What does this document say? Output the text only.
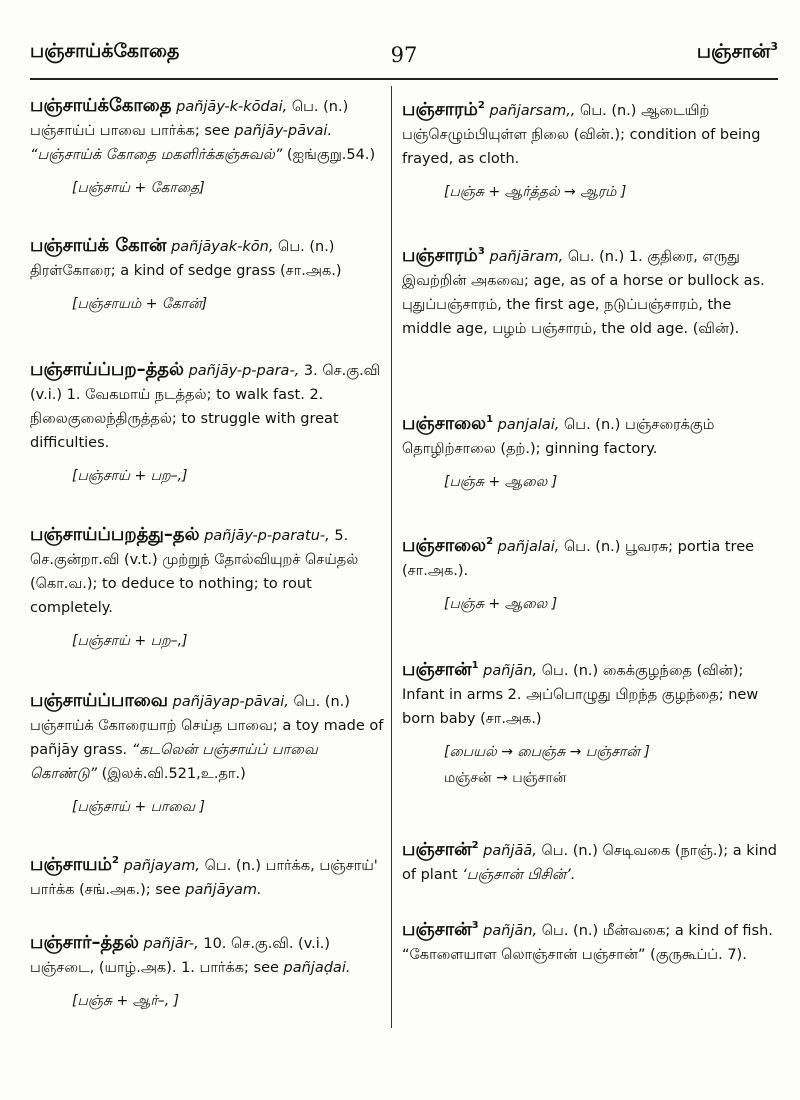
பஞ்சாய்க்கோதை	97	பஞ்சான்$^3$
பஞ்சாய்க்கோதை pañjāy-k-kōdai, பெ. (n.) பஞ்சாய்ப் பாவை பார்க்க; see pañjāy-pāvai. “பஞ்சாய்க் கோதை மகளிர்க்கஞ்சுவல்” (ஐங்குறு.54.)
[பஞ்சாய் + கோதை]
பஞ்சாய்க் கோன் pañjāyak-kōn, பெ. (n.) திரள்கோரை; a kind of sedge grass (சா.அக.)
[பஞ்சாயம் + கோன்]
பஞ்சாய்ப்பற–த்தல் pañjāy-p-para-, 3. செ.கு.வி (v.i.) 1. வேகமாய் நடத்தல்; to walk fast. 2. நிலைகுலைந்திருத்தல்; to struggle with great difficulties.
[பஞ்சாய் + பற–,]
பஞ்சாய்ப்பறத்து–தல் pañjāy-p-paratu-, 5. செ.குன்றா.வி (v.t.) முற்றுந் தோல்வியுறச் செய்தல் (கொ.வ.); to deduce to nothing; to rout completely.
[பஞ்சாய் + பற–,]
பஞ்சாய்ப்பாவை pañjāyap-pāvai, பெ. (n.) பஞ்சாய்க் கோரையாற் செய்த பாவை; a toy made of pañjāy grass. “கடலென் பஞ்சாய்ப் பாவை கொண்டு” (இலக்.வி.521,உ.தா.)
[பஞ்சாய் + பாவை ]
பஞ்சாயம்$^2$ pañjayam, பெ. (n.) பார்க்க, பஞ்சாய்' பார்க்க (சங்.அக.); see pañjāyam.
பஞ்சார்–த்தல் pañjār-, 10. செ.கு.வி. (v.i.) பஞ்சடை, (யாழ்.அக). 1. பார்க்க; see pañjaḍai.
[பஞ்சு + ஆர்–, ]
பஞ்சாரம்$^2$ pañjarsam,, பெ. (n.) ஆடையிற் பஞ்செழும்பியுள்ள நிலை (வின்.); condition of being frayed, as cloth.
[பஞ்சு + ஆர்த்தல் → ஆரம் ]
பஞ்சாரம்$^3$ pañjāram, பெ. (n.) 1. குதிரை, எருது இவற்றின் அகவை; age, as of a horse or bullock as. புதுப்பஞ்சாரம், the first age, நடுப்பஞ்சாரம், the middle age, பழம் பஞ்சாரம், the old age. (வின்).
பஞ்சாலை$^1$ panjalai, பெ. (n.) பஞ்சரைக்கும் தொழிற்சாலை (தற்.); ginning factory.
[பஞ்சு + ஆலை ]
பஞ்சாலை$^2$ pañjalai, பெ. (n.) பூவரசு; portia tree (சா.அக.).
[பஞ்சு + ஆலை ]
பஞ்சான்$^1$ pañjān, பெ. (n.) கைக்குழந்தை (வின்); Infant in arms 2. அப்பொழுது பிறந்த குழந்தை; new born baby (சா.அக.)
[பையல் → பைஞ்சு → பஞ்சான் ]
மஞ்சன் → பஞ்சான்
பஞ்சான்$^2$ pañjāā, பெ. (n.) செடிவகை (நாஞ்.); a kind of plant ‘பஞ்சான் பிசின்’.
பஞ்சான்$^3$ pañjān, பெ. (n.) மீன்வகை; a kind of fish. “கோளையாள லொஞ்சான் பஞ்சான்” (குருகூப்ப். 7).
